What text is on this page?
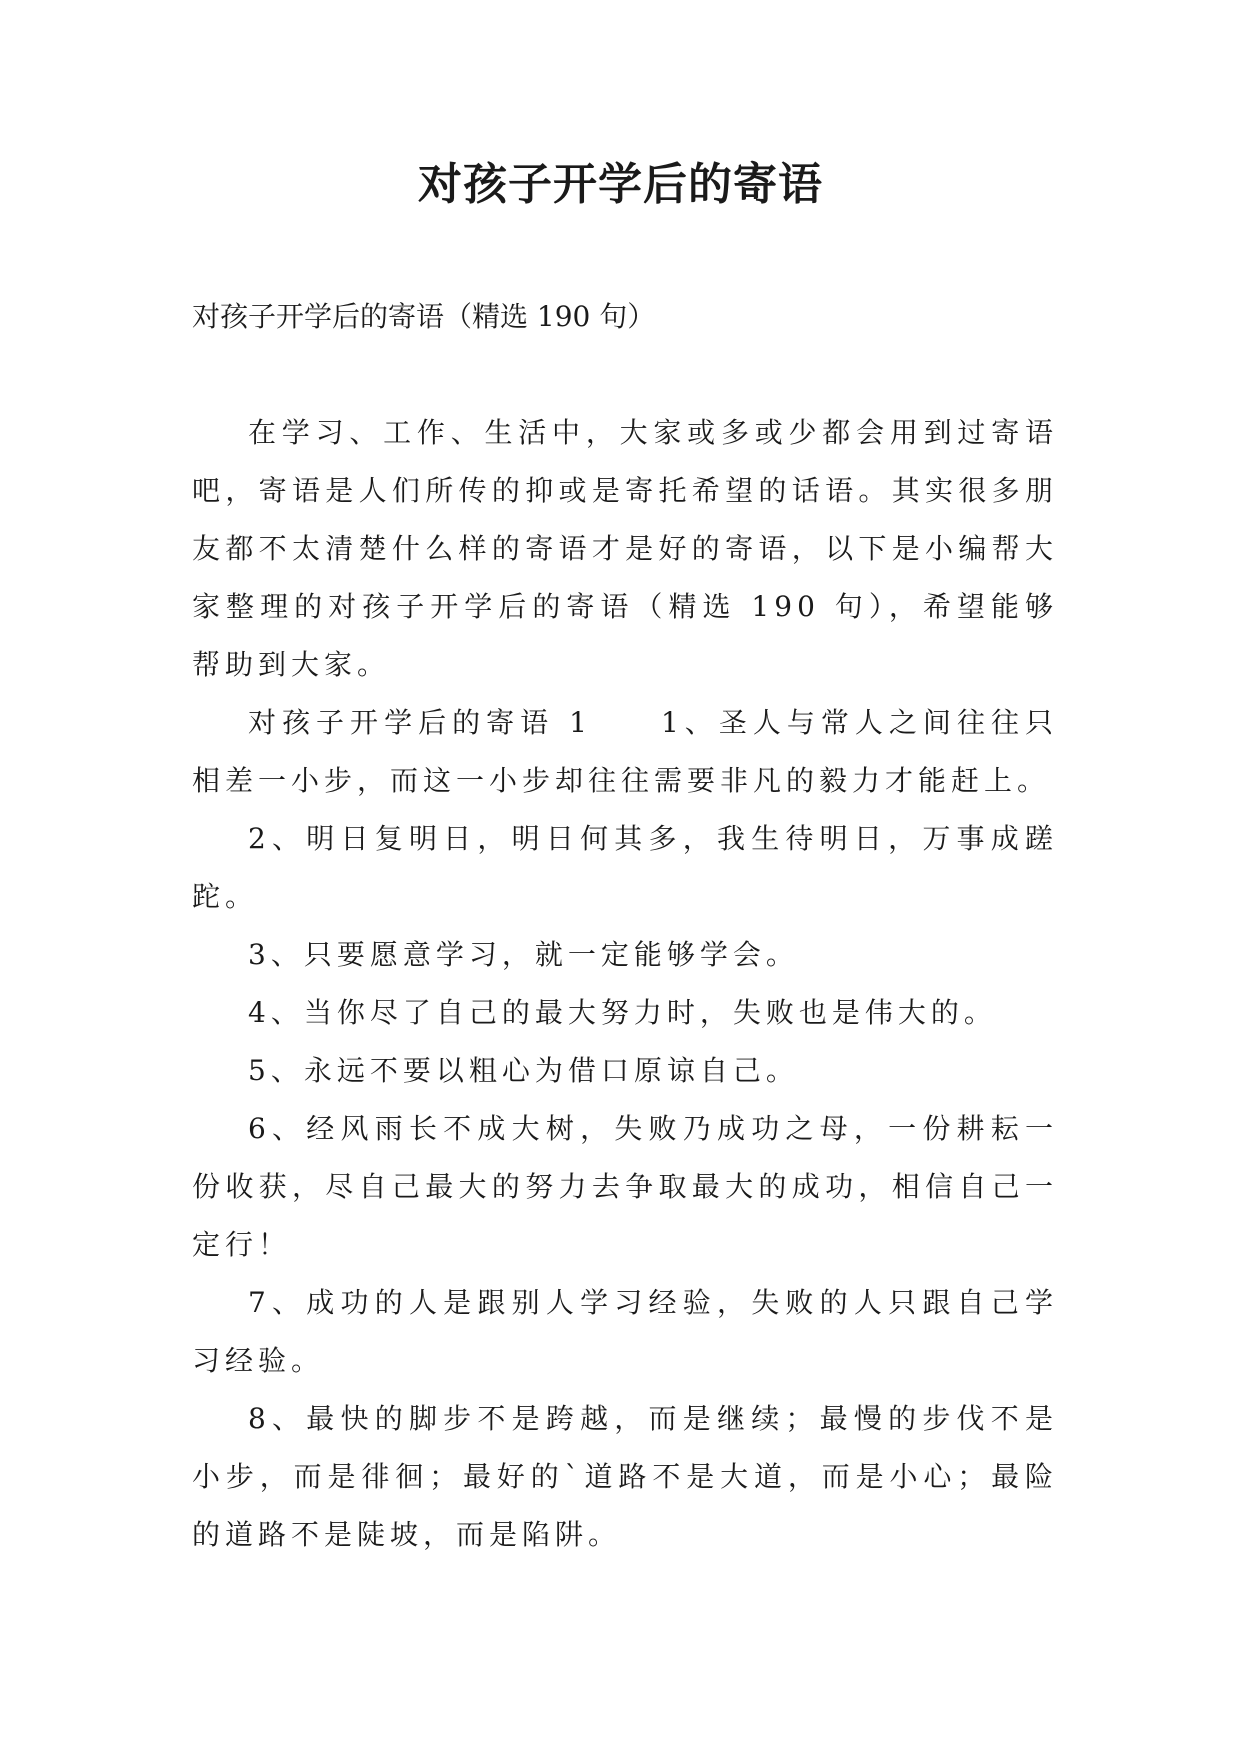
对孩子开学后的寄语

对孩子开学后的寄语（精选 190 句）

在学习、工作、生活中，大家或多或少都会用到过寄语吧，寄语是人们所传的抑或是寄托希望的话语。其实很多朋友都不太清楚什么样的寄语才是好的寄语，以下是小编帮大家整理的对孩子开学后的寄语（精选 190 句），希望能够帮助到大家。

对孩子开学后的寄语 1　　1、圣人与常人之间往往只相差一小步，而这一小步却往往需要非凡的毅力才能赶上。

2、明日复明日，明日何其多，我生待明日，万事成蹉跎。

3、只要愿意学习，就一定能够学会。

4、当你尽了自己的最大努力时，失败也是伟大的。

5、永远不要以粗心为借口原谅自己。

6、经风雨长不成大树，失败乃成功之母，一份耕耘一份收获，尽自己最大的努力去争取最大的成功，相信自己一定行！

7、成功的人是跟别人学习经验，失败的人只跟自己学习经验。

8、最快的脚步不是跨越，而是继续；最慢的步伐不是小步，而是徘徊；最好的`道路不是大道，而是小心；最险的道路不是陡坡，而是陷阱。
